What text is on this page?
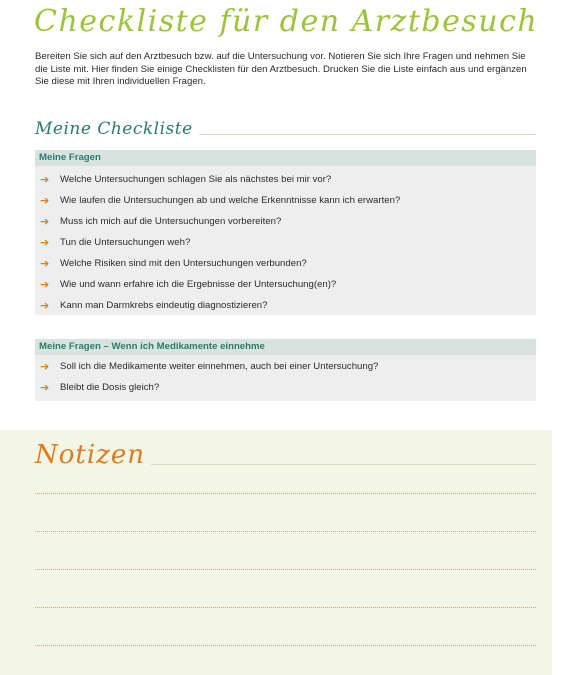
Checkliste für den Arztbesuch
Bereiten Sie sich auf den Arztbesuch bzw. auf die Untersuchung vor. Notieren Sie sich Ihre Fragen und nehmen Sie die Liste mit. Hier finden Sie einige Checklisten für den Arztbesuch. Drucken Sie die Liste einfach aus und ergänzen Sie diese mit Ihren individuellen Fragen.
Meine Checkliste
Meine Fragen
➔ Welche Untersuchungen schlagen Sie als nächstes bei mir vor?
➔ Wie laufen die Untersuchungen ab und welche Erkenntnisse kann ich erwarten?
➔ Muss ich mich auf die Untersuchungen vorbereiten?
➔ Tun die Untersuchungen weh?
➔ Welche Risiken sind mit den Untersuchungen verbunden?
➔ Wie und wann erfahre ich die Ergebnisse der Untersuchung(en)?
➔ Kann man Darmkrebs eindeutig diagnostizieren?
Meine Fragen – Wenn ich Medikamente einnehme
➔ Soll ich die Medikamente weiter einnehmen, auch bei einer Untersuchung?
➔ Bleibt die Dosis gleich?
Notizen
